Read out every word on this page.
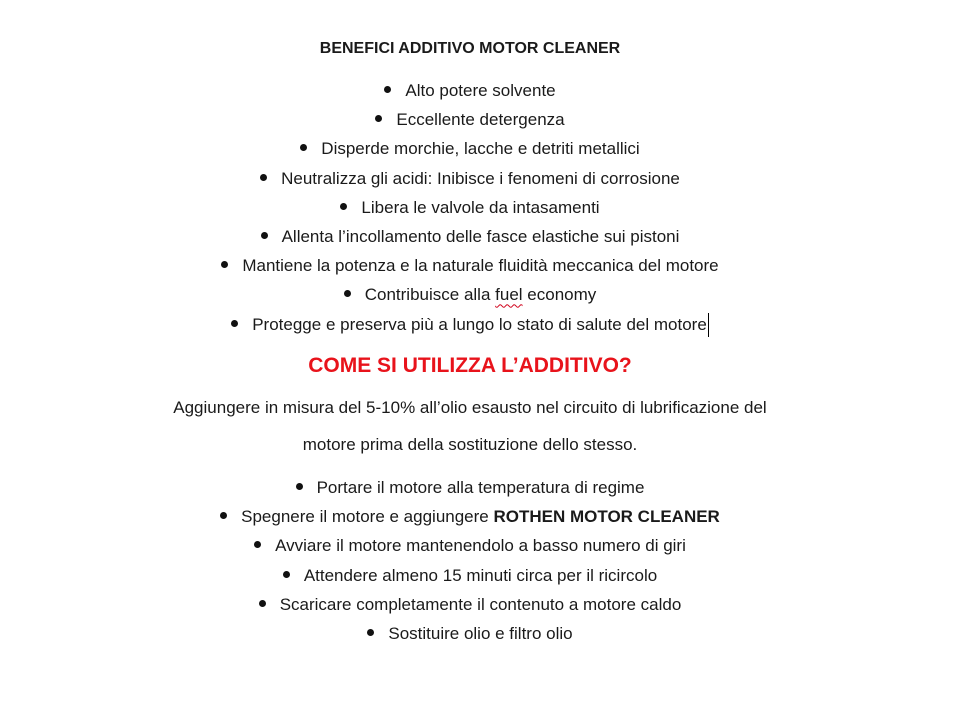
BENEFICI ADDITIVO MOTOR CLEANER
Alto potere solvente
Eccellente detergenza
Disperde morchie, lacche e detriti metallici
Neutralizza gli acidi: Inibisce i fenomeni di corrosione
Libera le valvole da intasamenti
Allenta l’incollamento delle fasce elastiche sui pistoni
Mantiene la potenza e la naturale fluidità meccanica del motore
Contribuisce alla fuel economy
Protegge e preserva più a lungo lo stato di salute del motore
COME SI UTILIZZA L’ADDITIVO?
Aggiungere in misura del 5-10% all’olio esausto nel circuito di lubrificazione del
motore prima della sostituzione dello stesso.
Portare il motore alla temperatura di regime
Spegnere il motore e aggiungere ROTHEN MOTOR CLEANER
Avviare il motore mantenendolo a basso numero di giri
Attendere almeno 15 minuti circa per il ricircolo
Scaricare completamente il contenuto a motore caldo
Sostituire olio e filtro olio
